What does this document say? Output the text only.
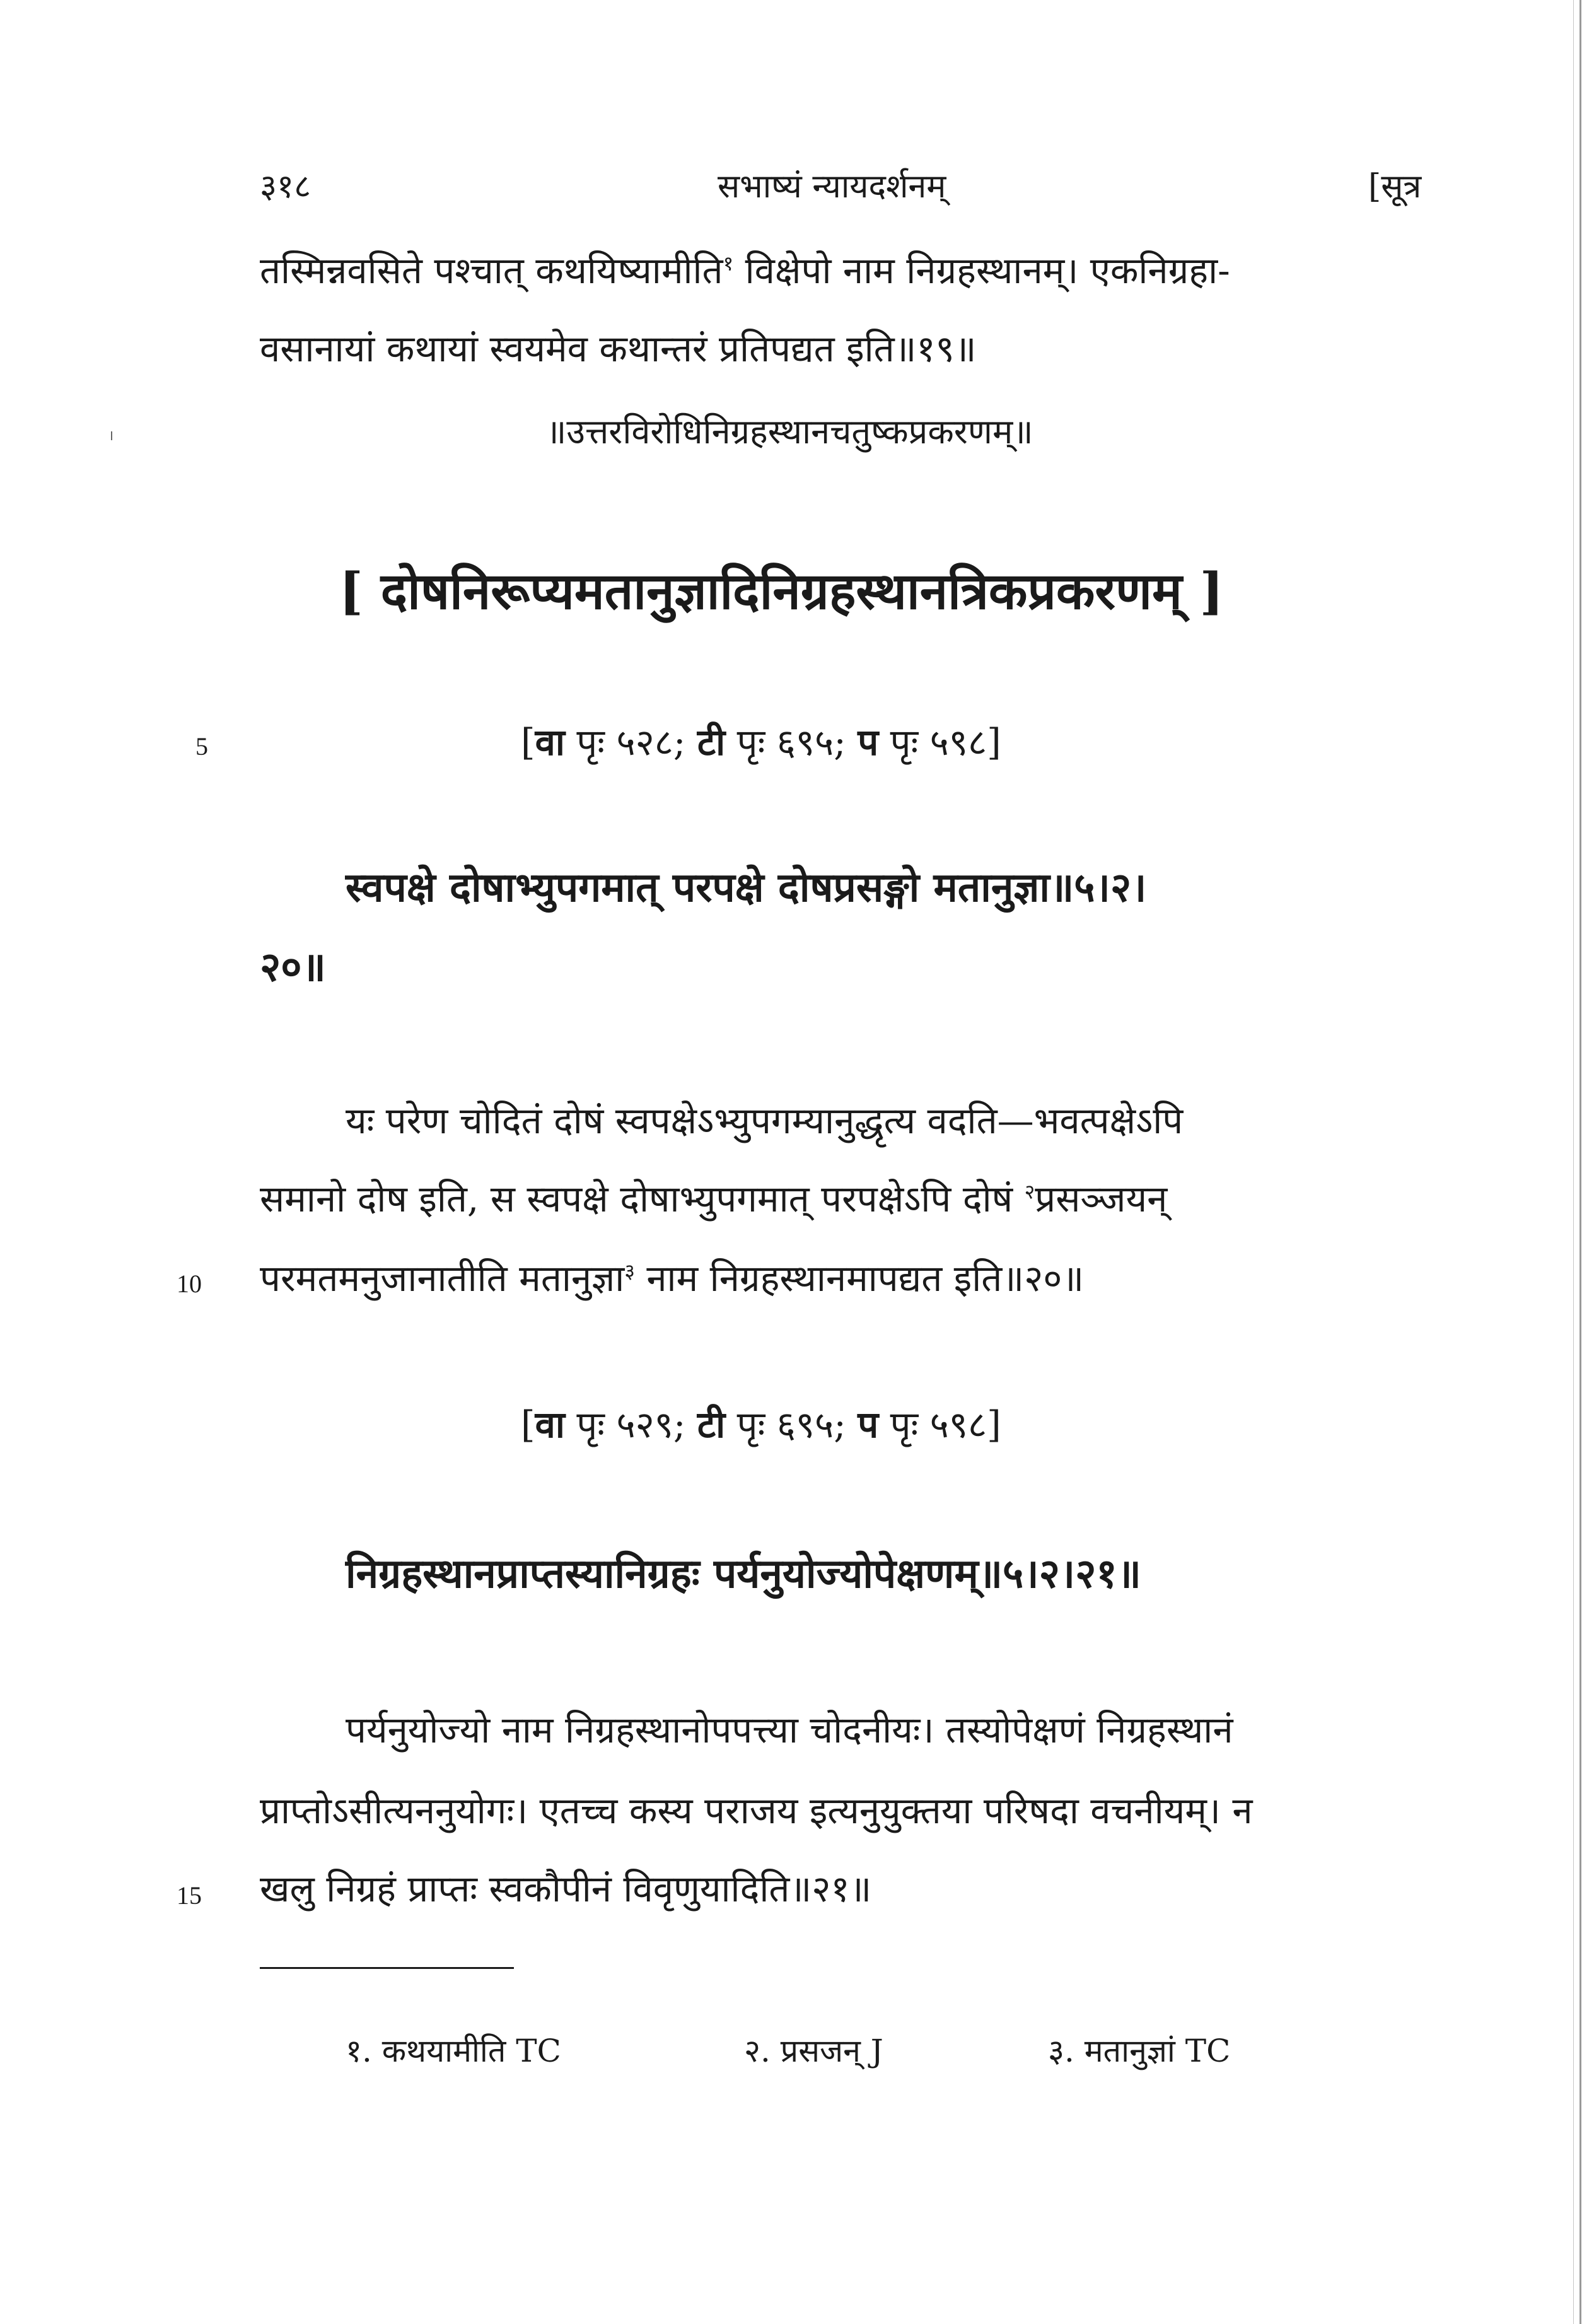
३१८	सभाष्यं न्यायदर्शनम्	[सूत्र
तस्मिन्नवसिते पश्चात् कथयिष्यामीति$^१$ विक्षेपो नाम निग्रहस्थानम्। एकनिग्रहा-
वसानायां कथायां स्वयमेव कथान्तरं प्रतिपद्यत इति॥१९॥
॥उत्तरविरोधिनिग्रहस्थानचतुष्कप्रकरणम्॥
[ दोषनिरूप्यमतानुज्ञादिनिग्रहस्थानत्रिकप्रकरणम् ]
5	[वा पृः ५२८; टी पृः ६९५; प पृः ५९८]
स्वपक्षे दोषाभ्युपगमात् परपक्षे दोषप्रसङ्गो मतानुज्ञा॥५।२।
२०॥
यः परेण चोदितं दोषं स्वपक्षेऽभ्युपगम्यानुद्धृत्य वदति—भवत्पक्षेऽपि
समानो दोष इति, स स्वपक्षे दोषाभ्युपगमात् परपक्षेऽपि दोषं $^२$प्रसञ्जयन्
10 परमतमनुजानातीति मतानुज्ञा$^३$ नाम निग्रहस्थानमापद्यत इति॥२०॥
[वा पृः ५२९; टी पृः ६९५; प पृः ५९८]
निग्रहस्थानप्राप्तस्यानिग्रहः पर्यनुयोज्योपेक्षणम्॥५।२।२१॥
पर्यनुयोज्यो नाम निग्रहस्थानोपपत्त्या चोदनीयः। तस्योपेक्षणं निग्रहस्थानं
प्राप्तोऽसीत्यननुयोगः। एतच्च कस्य पराजय इत्यनुयुक्तया परिषदा वचनीयम्। न
15 खलु निग्रहं प्राप्तः स्वकौपीनं विवृणुयादिति॥२१॥
१. कथयामीति TC	२. प्रसजन् J	३. मतानुज्ञां TC
